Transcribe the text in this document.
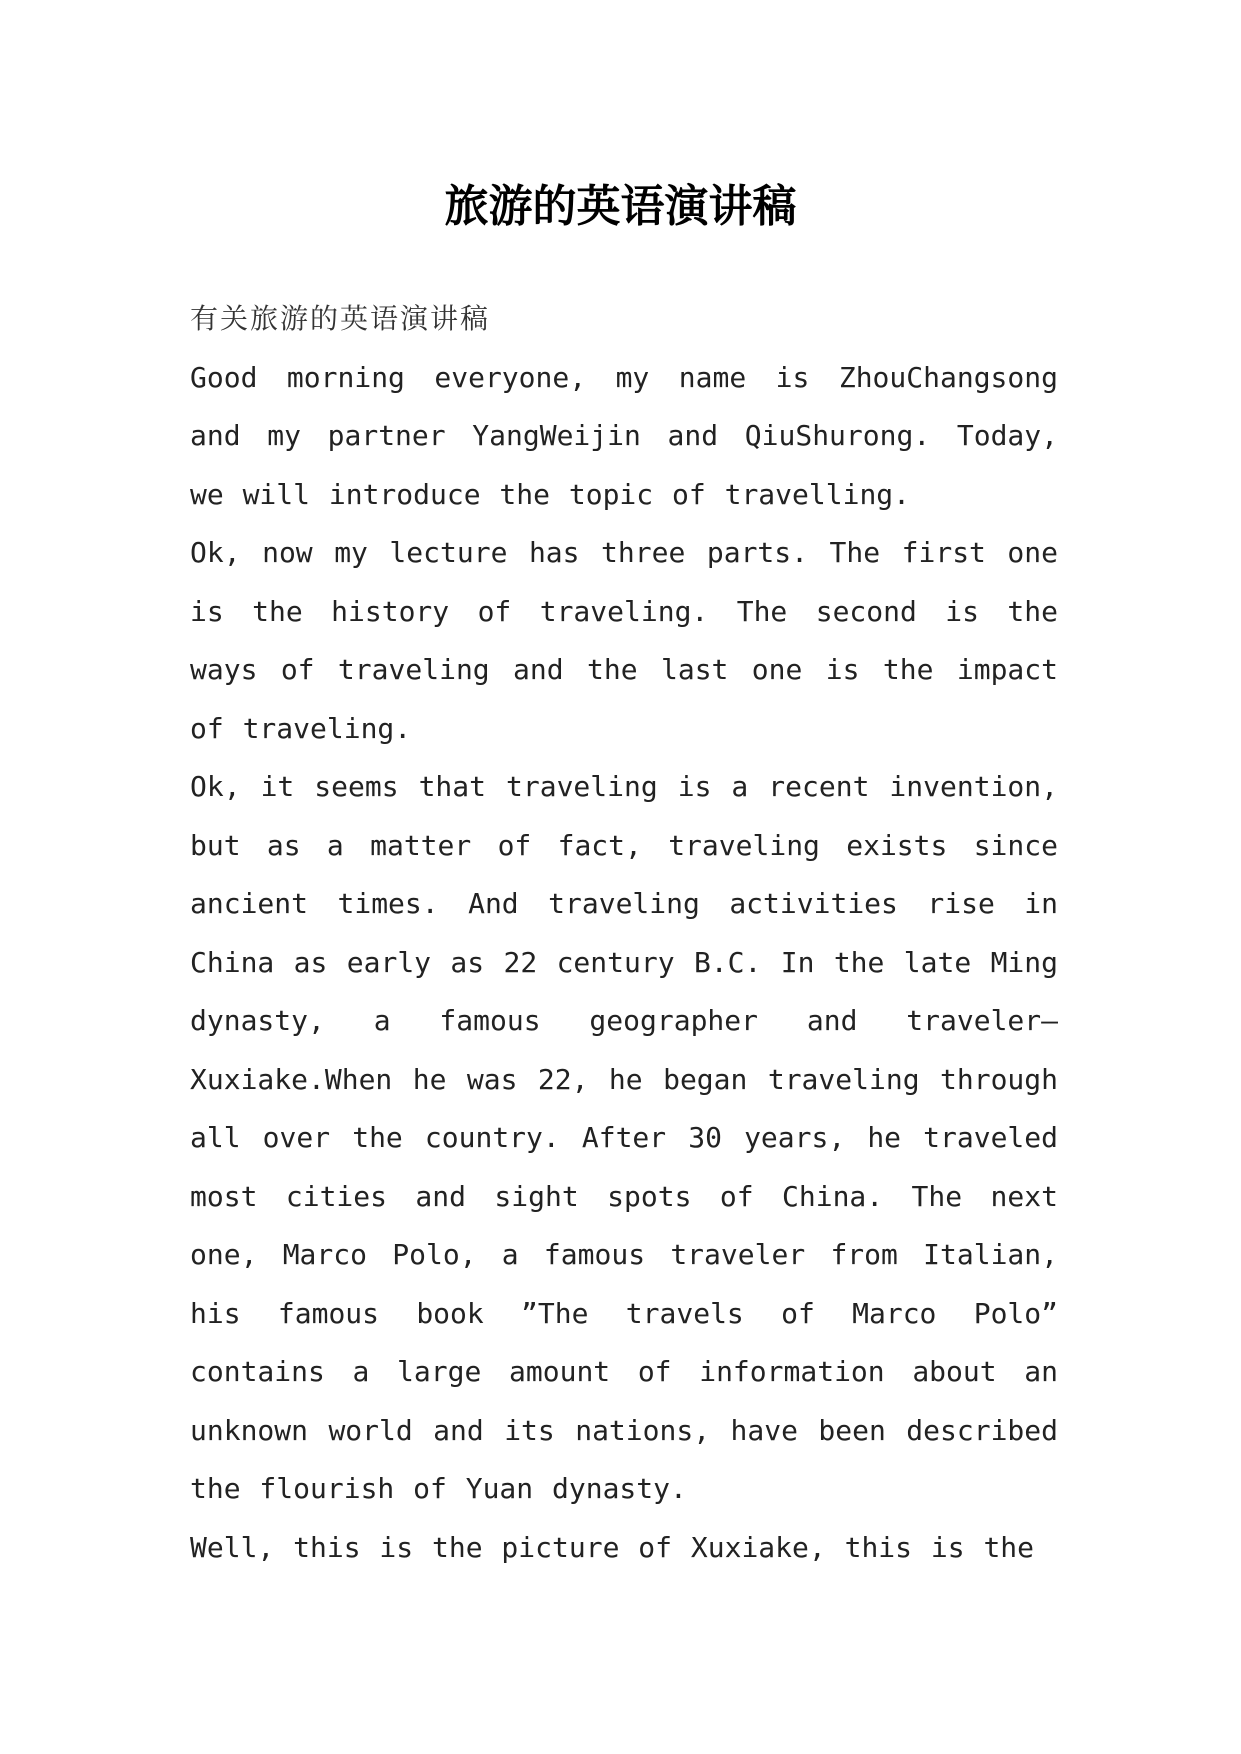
旅游的英语演讲稿

有关旅游的英语演讲稿

Good morning everyone, my name is ZhouChangsong and my partner YangWeijin and QiuShurong. Today, we will introduce the topic of travelling.

Ok, now my lecture has three parts. The first one is the history of traveling. The second is the ways of traveling and the last one is the impact of traveling.

Ok, it seems that traveling is a recent invention, but as a matter of fact, traveling exists since ancient times. And traveling activities rise in China as early as 22 century B.C. In the late Ming dynasty, a famous geographer and traveler—Xuxiake.When he was 22, he began traveling through all over the country. After 30 years, he traveled most cities and sight spots of China. The next one, Marco Polo, a famous traveler from Italian, his famous book ”The travels of Marco Polo” contains a large amount of information about an unknown world and its nations, have been described the flourish of Yuan dynasty.

Well, this is the picture of Xuxiake, this is the
